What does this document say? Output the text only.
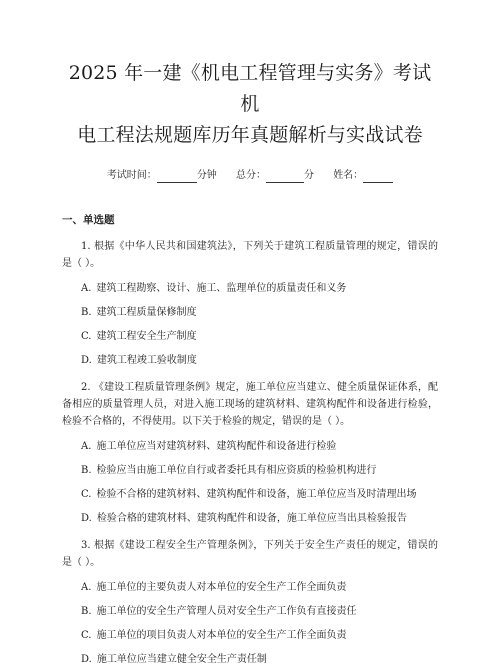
2025 年一建《机电工程管理与实务》考试机
电工程法规题库历年真题解析与实战试卷
考试时间：	分钟 总分：	分 姓名：
一、单选题
1. 根据《中华人民共和国建筑法》，下列关于建筑工程质量管理的规定，错误的是（ ）。
A. 建筑工程勘察、设计、施工、监理单位的质量责任和义务
B. 建筑工程质量保修制度
C. 建筑工程安全生产制度
D. 建筑工程竣工验收制度
2. 《建设工程质量管理条例》规定，施工单位应当建立、健全质量保证体系，配备相应的质量管理人员，对进入施工现场的建筑材料、建筑构配件和设备进行检验，检验不合格的，不得使用。以下关于检验的规定，错误的是（ ）。
A. 施工单位应当对建筑材料、建筑构配件和设备进行检验
B. 检验应当由施工单位自行或者委托具有相应资质的检验机构进行
C. 检验不合格的建筑材料、建筑构配件和设备，施工单位应当及时清理出场
D. 检验合格的建筑材料、建筑构配件和设备，施工单位应当出具检验报告
3. 根据《建设工程安全生产管理条例》，下列关于安全生产责任的规定，错误的是（ ）。
A. 施工单位的主要负责人对本单位的安全生产工作全面负责
B. 施工单位的安全生产管理人员对安全生产工作负有直接责任
C. 施工单位的项目负责人对本单位的安全生产工作全面负责
D. 施工单位应当建立健全安全生产责任制
